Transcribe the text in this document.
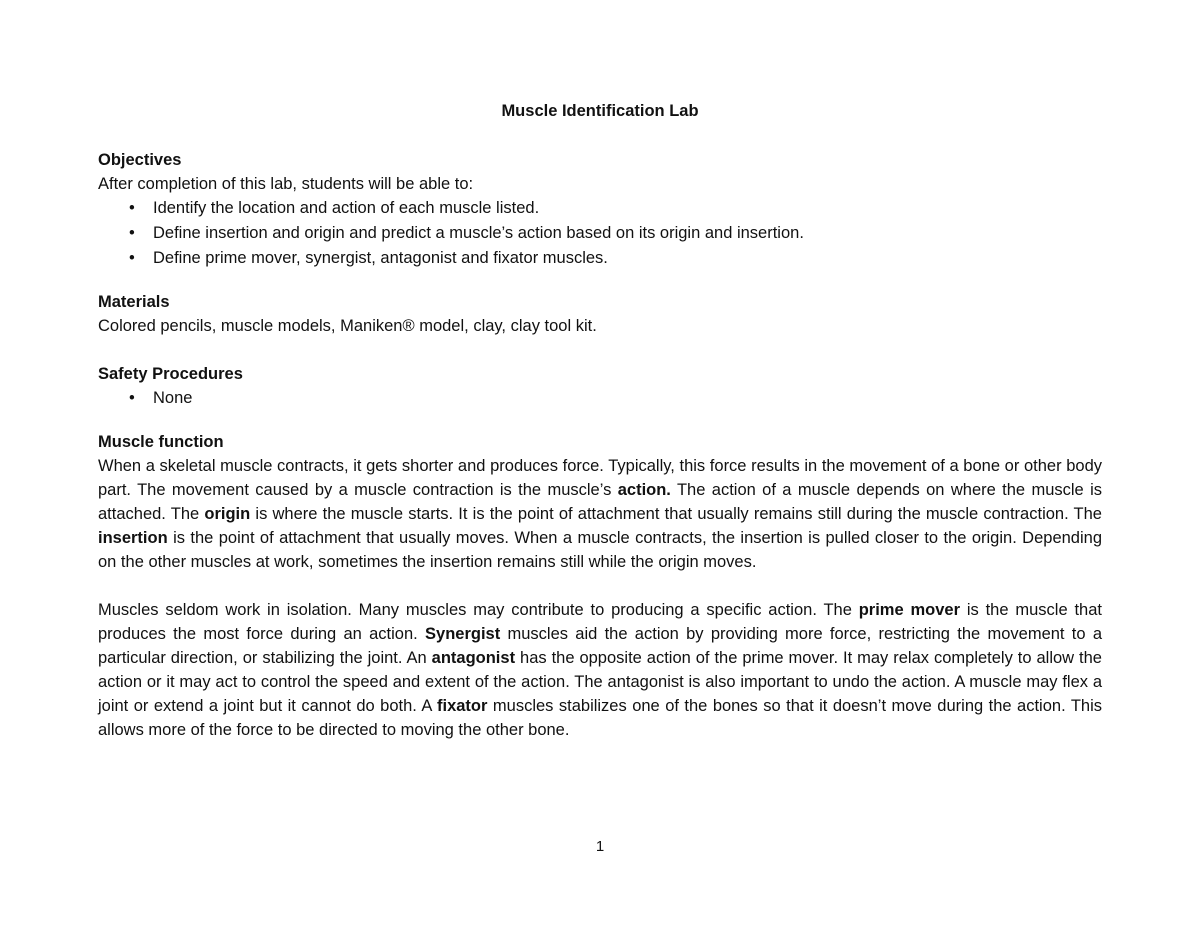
Muscle Identification Lab

Objectives

After completion of this lab, students will be able to:

• Identify the location and action of each muscle listed.
• Define insertion and origin and predict a muscle’s action based on its origin and insertion.
• Define prime mover, synergist, antagonist and fixator muscles.

Materials

Colored pencils, muscle models, Maniken® model, clay, clay tool kit.

Safety Procedures

• None

Muscle function

When a skeletal muscle contracts, it gets shorter and produces force. Typically, this force results in the movement of a bone or other body part. The movement caused by a muscle contraction is the muscle’s action. The action of a muscle depends on where the muscle is attached. The origin is where the muscle starts. It is the point of attachment that usually remains still during the muscle contraction. The insertion is the point of attachment that usually moves. When a muscle contracts, the insertion is pulled closer to the origin. Depending on the other muscles at work, sometimes the insertion remains still while the origin moves.

Muscles seldom work in isolation. Many muscles may contribute to producing a specific action. The prime mover is the muscle that produces the most force during an action. Synergist muscles aid the action by providing more force, restricting the movement to a particular direction, or stabilizing the joint. An antagonist has the opposite action of the prime mover. It may relax completely to allow the action or it may act to control the speed and extent of the action. The antagonist is also important to undo the action. A muscle may flex a joint or extend a joint but it cannot do both. A fixator muscles stabilizes one of the bones so that it doesn’t move during the action. This allows more of the force to be directed to moving the other bone.

1
